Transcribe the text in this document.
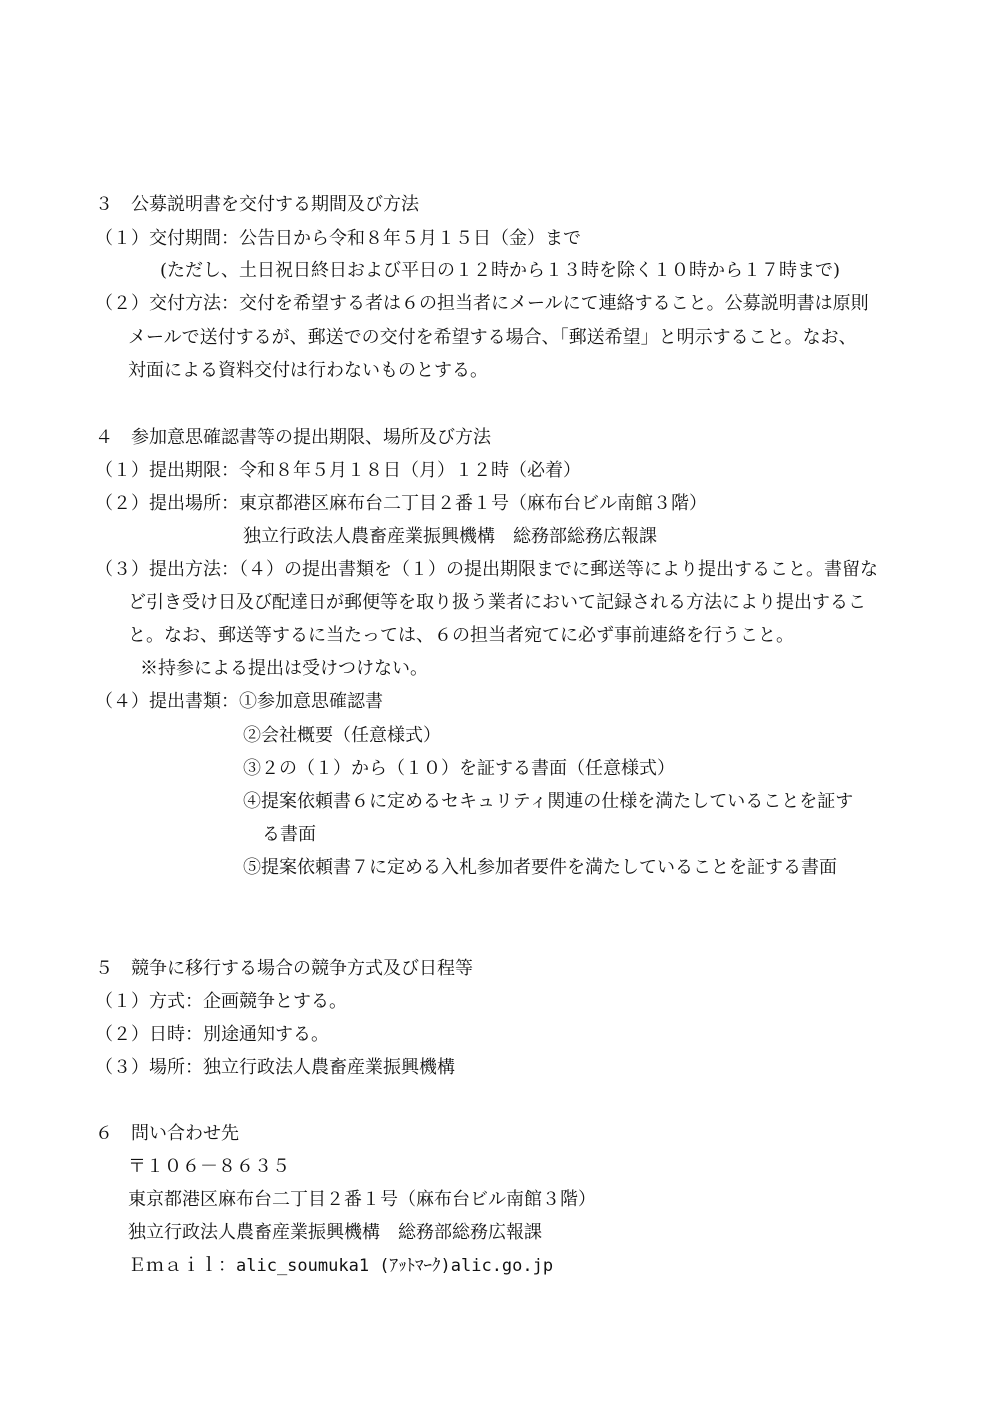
３　公募説明書を交付する期間及び方法

（１）交付期間：公告日から令和８年５月１５日（金）まで

(ただし、土日祝日終日および平日の１２時から１３時を除く１０時から１７時まで)

（２）交付方法：交付を希望する者は６の担当者にメールにて連絡すること。公募説明書は原則

メールで送付するが、郵送での交付を希望する場合、「郵送希望」と明示すること。なお、

対面による資料交付は行わないものとする。

４　参加意思確認書等の提出期限、場所及び方法

（１）提出期限：令和８年５月１８日（月）１２時（必着）

（２）提出場所：東京都港区麻布台二丁目２番１号（麻布台ビル南館３階）

独立行政法人農畜産業振興機構　総務部総務広報課

（３）提出方法：（４）の提出書類を（１）の提出期限までに郵送等により提出すること。書留な

ど引き受け日及び配達日が郵便等を取り扱う業者において記録される方法により提出するこ

と。なお、郵送等するに当たっては、６の担当者宛てに必ず事前連絡を行うこと。

※持参による提出は受けつけない。

（４）提出書類：①参加意思確認書

②会社概要（任意様式）

③２の（１）から（１０）を証する書面（任意様式）

④提案依頼書６に定めるセキュリティ関連の仕様を満たしていることを証す

る書面

⑤提案依頼書７に定める入札参加者要件を満たしていることを証する書面

５　競争に移行する場合の競争方式及び日程等

（１）方式：企画競争とする。

（２）日時：別途通知する。

（３）場所：独立行政法人農畜産業振興機構

６　問い合わせ先

〒１０６－８６３５

東京都港区麻布台二丁目２番１号（麻布台ビル南館３階）

独立行政法人農畜産業振興機構　総務部総務広報課

Ｅｍａｉｌ：alic_soumuka1 (ｱｯﾄﾏｰｸ)alic.go.jp
